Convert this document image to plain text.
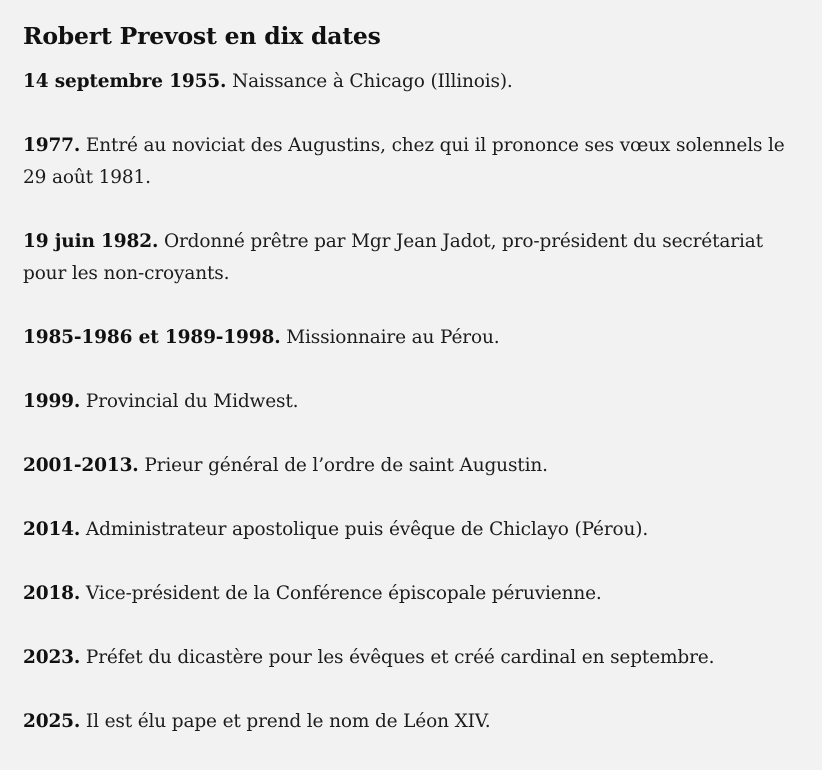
Robert Prevost en dix dates

14 septembre 1955. Naissance à Chicago (Illinois).

1977. Entré au noviciat des Augustins, chez qui il prononce ses vœux solennels le 29 août 1981.

19 juin 1982. Ordonné prêtre par Mgr Jean Jadot, pro-président du secrétariat pour les non-croyants.

1985-1986 et 1989-1998. Missionnaire au Pérou.

1999. Provincial du Midwest.

2001-2013. Prieur général de l’ordre de saint Augustin.

2014. Administrateur apostolique puis évêque de Chiclayo (Pérou).

2018. Vice-président de la Conférence épiscopale péruvienne.

2023. Préfet du dicastère pour les évêques et créé cardinal en septembre.

2025. Il est élu pape et prend le nom de Léon XIV.
